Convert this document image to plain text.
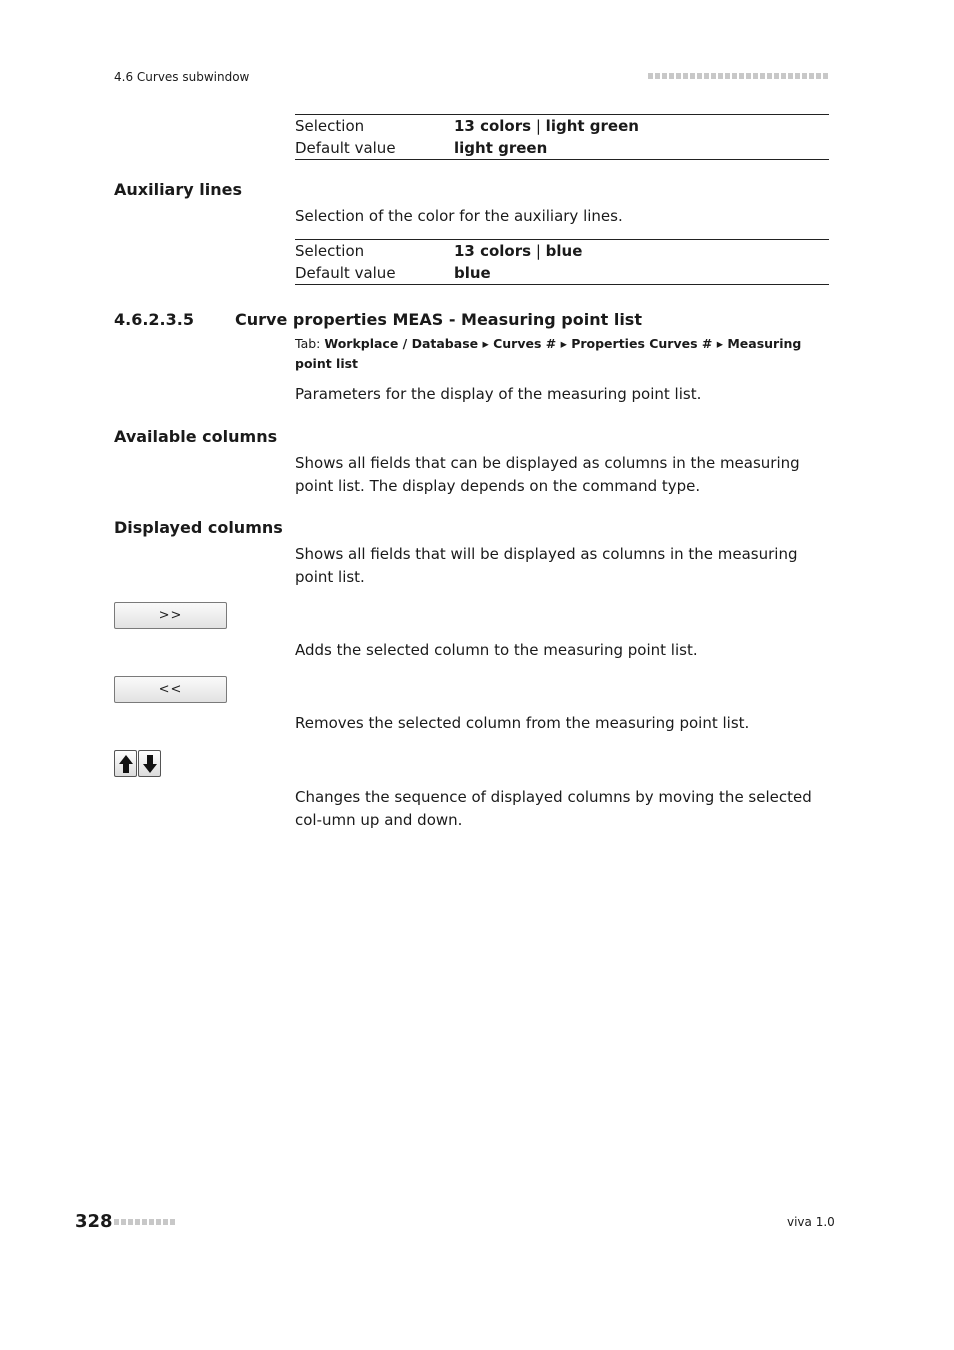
4.6 Curves subwindow
Selection	13 colors | light green
Default value	light green
Auxiliary lines
Selection of the color for the auxiliary lines.
Selection	13 colors | blue
Default value	blue
4.6.2.3.5	Curve properties MEAS - Measuring point list
Tab: Workplace / Database ▸ Curves # ▸ Properties Curves # ▸ Measuring point list
Parameters for the display of the measuring point list.
Available columns
Shows all fields that can be displayed as columns in the measuring point list. The display depends on the command type.
Displayed columns
Shows all fields that will be displayed as columns in the measuring point list.
>>
Adds the selected column to the measuring point list.
<<
Removes the selected column from the measuring point list.
Changes the sequence of displayed columns by moving the selected col-umn up and down.
328	viva 1.0
